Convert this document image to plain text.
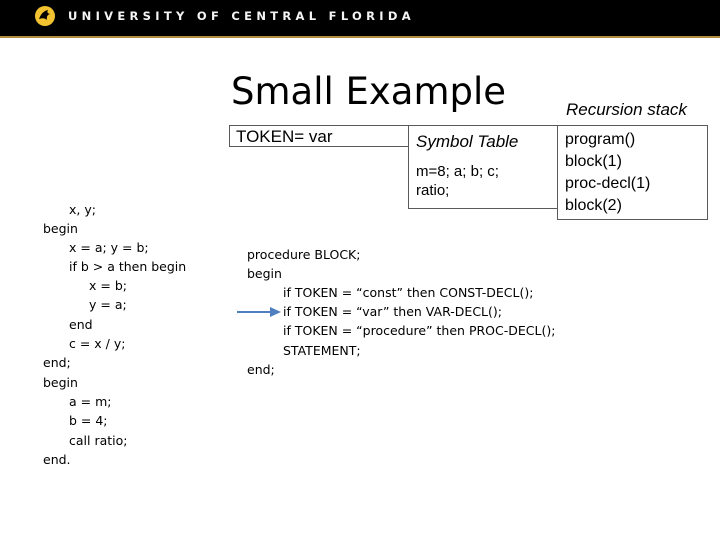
UNIVERSITY OF CENTRAL FLORIDA
Small Example	Recursion stack
TOKEN= var	Symbol Table
m=8; a; b; c;
ratio;
program()
block(1)
proc-decl(1)
block(2)
x, y;
begin
x = a; y = b;
if b > a then begin
x = b;
y = a;
end
c = x / y;
end;
begin
a = m;
b = 4;
call ratio;
end.
procedure BLOCK;
begin
if TOKEN = “const” then CONST-DECL();
if TOKEN = “var” then VAR-DECL();
if TOKEN = “procedure” then PROC-DECL();
STATEMENT;
end;
